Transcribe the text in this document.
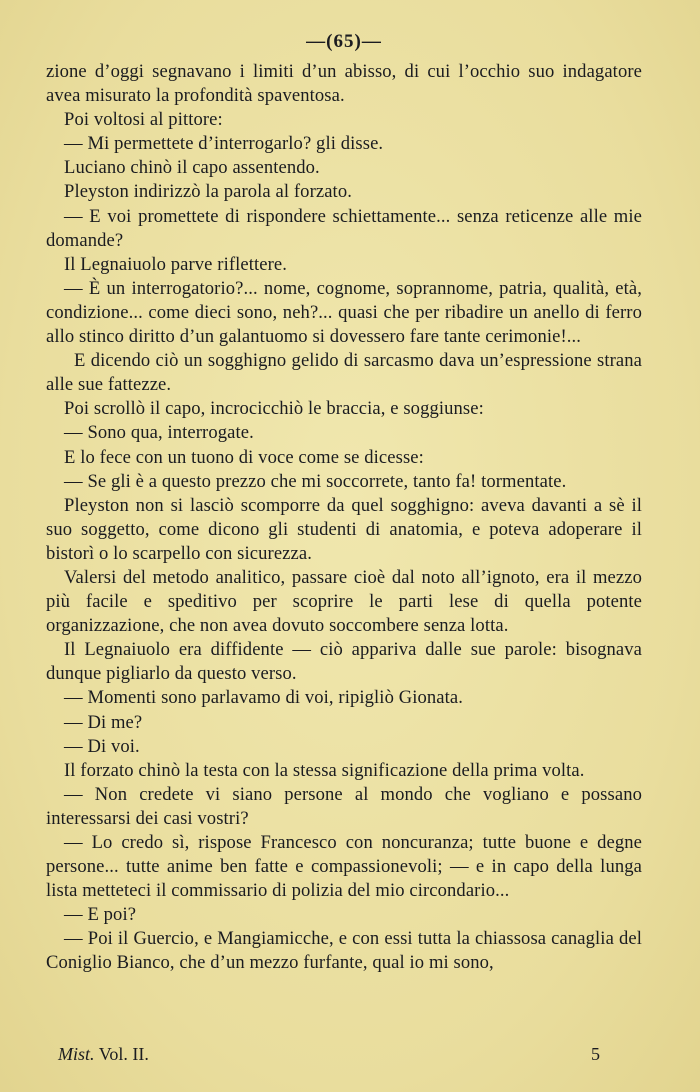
—(65)—

zione d’oggi segnavano i limiti d’un abisso, di cui l’occhio suo indagatore avea misurato la profondità spaventosa.

Poi voltosi al pittore:

— Mi permettete d’interrogarlo? gli disse.

Luciano chinò il capo assentendo.

Pleyston indirizzò la parola al forzato.

— E voi promettete di rispondere schiettamente... senza reticenze alle mie domande?

Il Legnaiuolo parve riflettere.

— È un interrogatorio?... nome, cognome, soprannome, patria, qualità, età, condizione... come dieci sono, neh?... quasi che per ribadire un anello di ferro allo stinco diritto d’un galantuomo si dovessero fare tante cerimonie!...

E dicendo ciò un sogghigno gelido di sarcasmo dava un’espressione strana alle sue fattezze.

Poi scrollò il capo, incrocicchiò le braccia, e soggiunse:

— Sono qua, interrogate.

E lo fece con un tuono di voce come se dicesse:

— Se gli è a questo prezzo che mi soccorrete, tanto fa! tormentate.

Pleyston non si lasciò scomporre da quel sogghigno: aveva davanti a sè il suo soggetto, come dicono gli studenti di anatomia, e poteva adoperare il bistorì o lo scarpello con sicurezza.

Valersi del metodo analitico, passare cioè dal noto all’ignoto, era il mezzo più facile e speditivo per scoprire le parti lese di quella potente organizzazione, che non avea dovuto soccombere senza lotta.

Il Legnaiuolo era diffidente — ciò appariva dalle sue parole: bisognava dunque pigliarlo da questo verso.

— Momenti sono parlavamo di voi, ripigliò Gionata.

— Di me?

— Di voi.

Il forzato chinò la testa con la stessa significazione della prima volta.

— Non credete vi siano persone al mondo che vogliano e possano interessarsi dei casi vostri?

— Lo credo sì, rispose Francesco con noncuranza; tutte buone e degne persone... tutte anime ben fatte e compassionevoli; — e in capo della lunga lista metteteci il commissario di polizia del mio circondario...

— E poi?

— Poi il Guercio, e Mangiamicche, e con essi tutta la chiassosa canaglia del Coniglio Bianco, che d’un mezzo furfante, qual io mi sono,

Mist. Vol. II.	5
